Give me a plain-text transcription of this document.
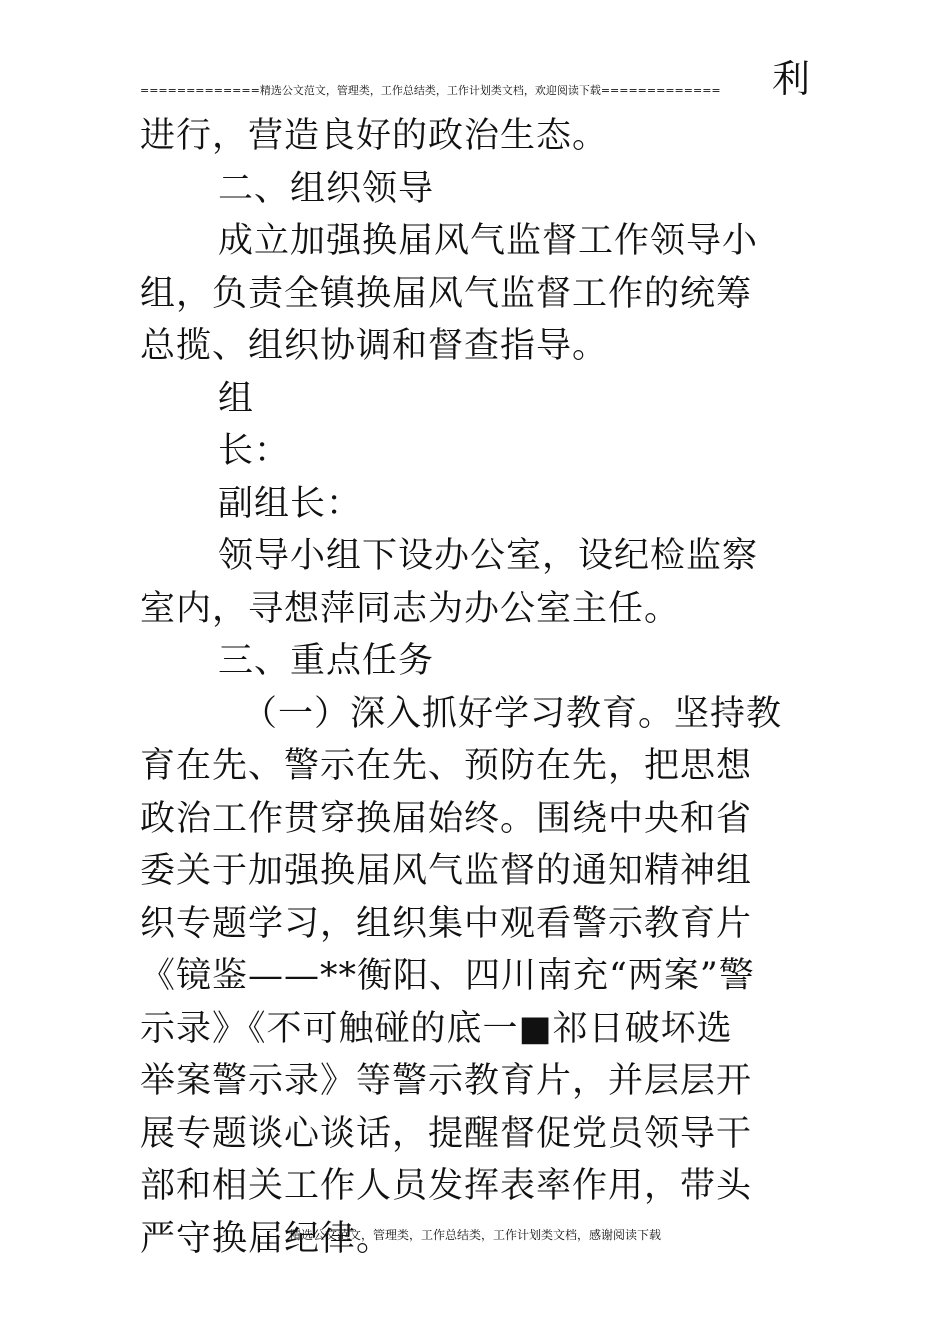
=============精选公文范文，管理类，工作总结类，工作计划类文档，欢迎阅读下载============= 利

进行，营造良好的政治生态。

二、组织领导

成立加强换届风气监督工作领导小

组，负责全镇换届风气监督工作的统筹

总揽、组织协调和督查指导。

组

长：

副组长：

领导小组下设办公室，设纪检监察

室内，寻想萍同志为办公室主任。

三、重点任务

（一）深入抓好学习教育。坚持教

育在先、警示在先、预防在先，把思想

政治工作贯穿换届始终。围绕中央和省

委关于加强换届风气监督的通知精神组

织专题学习，组织集中观看警示教育片

《镜鉴——**衡阳、四川南充“两案”警

示录》《不可触碰的底一■祁日破坏选

举案警示录》等警示教育片，并层层开

展专题谈心谈话，提醒督促党员领导干

部和相关工作人员发挥表率作用，带头

严守换届纪律。

精选公文范文，管理类，工作总结类，工作计划类文档，感谢阅读下载
